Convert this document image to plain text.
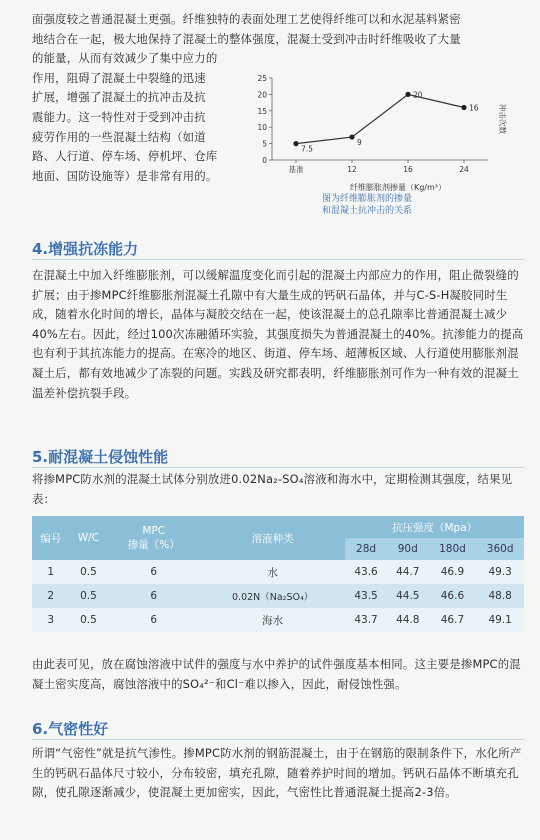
面强度较之普通混凝土更强。纤维独特的表面处理工艺使得纤维可以和水泥基料紧密
地结合在一起，极大地保持了混凝土的整体强度，混凝土受到冲击时纤维吸收了大量
的能量，从而有效减少了集中应力的
作用，阻碍了混凝土中裂缝的迅速
扩展，增强了混凝土的抗冲击及抗
震能力。这一特性对于受到冲击抗
疲劳作用的一些混凝土结构（如道
路、人行道、停车场、停机坪、仓库
地面、国防设施等）是非常有用的。
0
5
10
15
20
25
冲击次数
基准	12	16	24
纤维膨胀剂掺量（Kg/m³）
7.5
9
20
16
图为纤维膨胀剂的掺量
和混凝土抗冲击的关系
4.增强抗冻能力
在混凝土中加入纤维膨胀剂，可以缓解温度变化而引起的混凝土内部应力的作用，阻止微裂缝的扩展；由于掺MPC纤维膨胀剂混凝土孔隙中有大量生成的钙矾石晶体，并与C-S-H凝胶同时生成，随着水化时间的增长，晶体与凝胶交结在一起，使该混凝土的总孔隙率比普通混凝土减少40%左右。因此，经过100次冻融循环实验，其强度损失为普通混凝土的40%。抗渗能力的提高也有利于其抗冻能力的提高。在寒冷的地区、街道、停车场、超薄板区域、人行道使用膨胀剂混凝土后，都有效地减少了冻裂的问题。实践及研究都表明，纤维膨胀剂可作为一种有效的混凝土温差补偿抗裂手段。
5.耐混凝土侵蚀性能
将掺MPC防水剂的混凝土试体分别放进0.02Na₂-SO₄溶液和海水中，定期检测其强度，结果见表：
编号	W/C	MPC
掺量（%）	溶液种类	抗压强度（Mpa）			
				28d	90d	180d	360d
1	0.5	6	水	43.6	44.7	46.9	49.3
2	0.5	6	0.02N（Na₂SO₄）	43.5	44.5	46.6	48.8
3	0.5	6	海水	43.7	44.8	46.7	49.1
由此表可见，放在腐蚀溶液中试件的强度与水中养护的试件强度基本相同。这主要是掺MPC的混凝土密实度高，腐蚀溶液中的SO₄²⁻和Cl⁻难以掺入，因此，耐侵蚀性强。
6.气密性好
所谓“气密性”就是抗气渗性。掺MPC防水剂的钢筋混凝土，由于在钢筋的限制条件下，水化所产生的钙矾石晶体尺寸较小，分布较密，填充孔隙，随着养护时间的增加。钙矾石晶体不断填充孔隙，使孔隙逐渐减少，使混凝土更加密实，因此，气密性比普通混凝土提高2-3倍。
